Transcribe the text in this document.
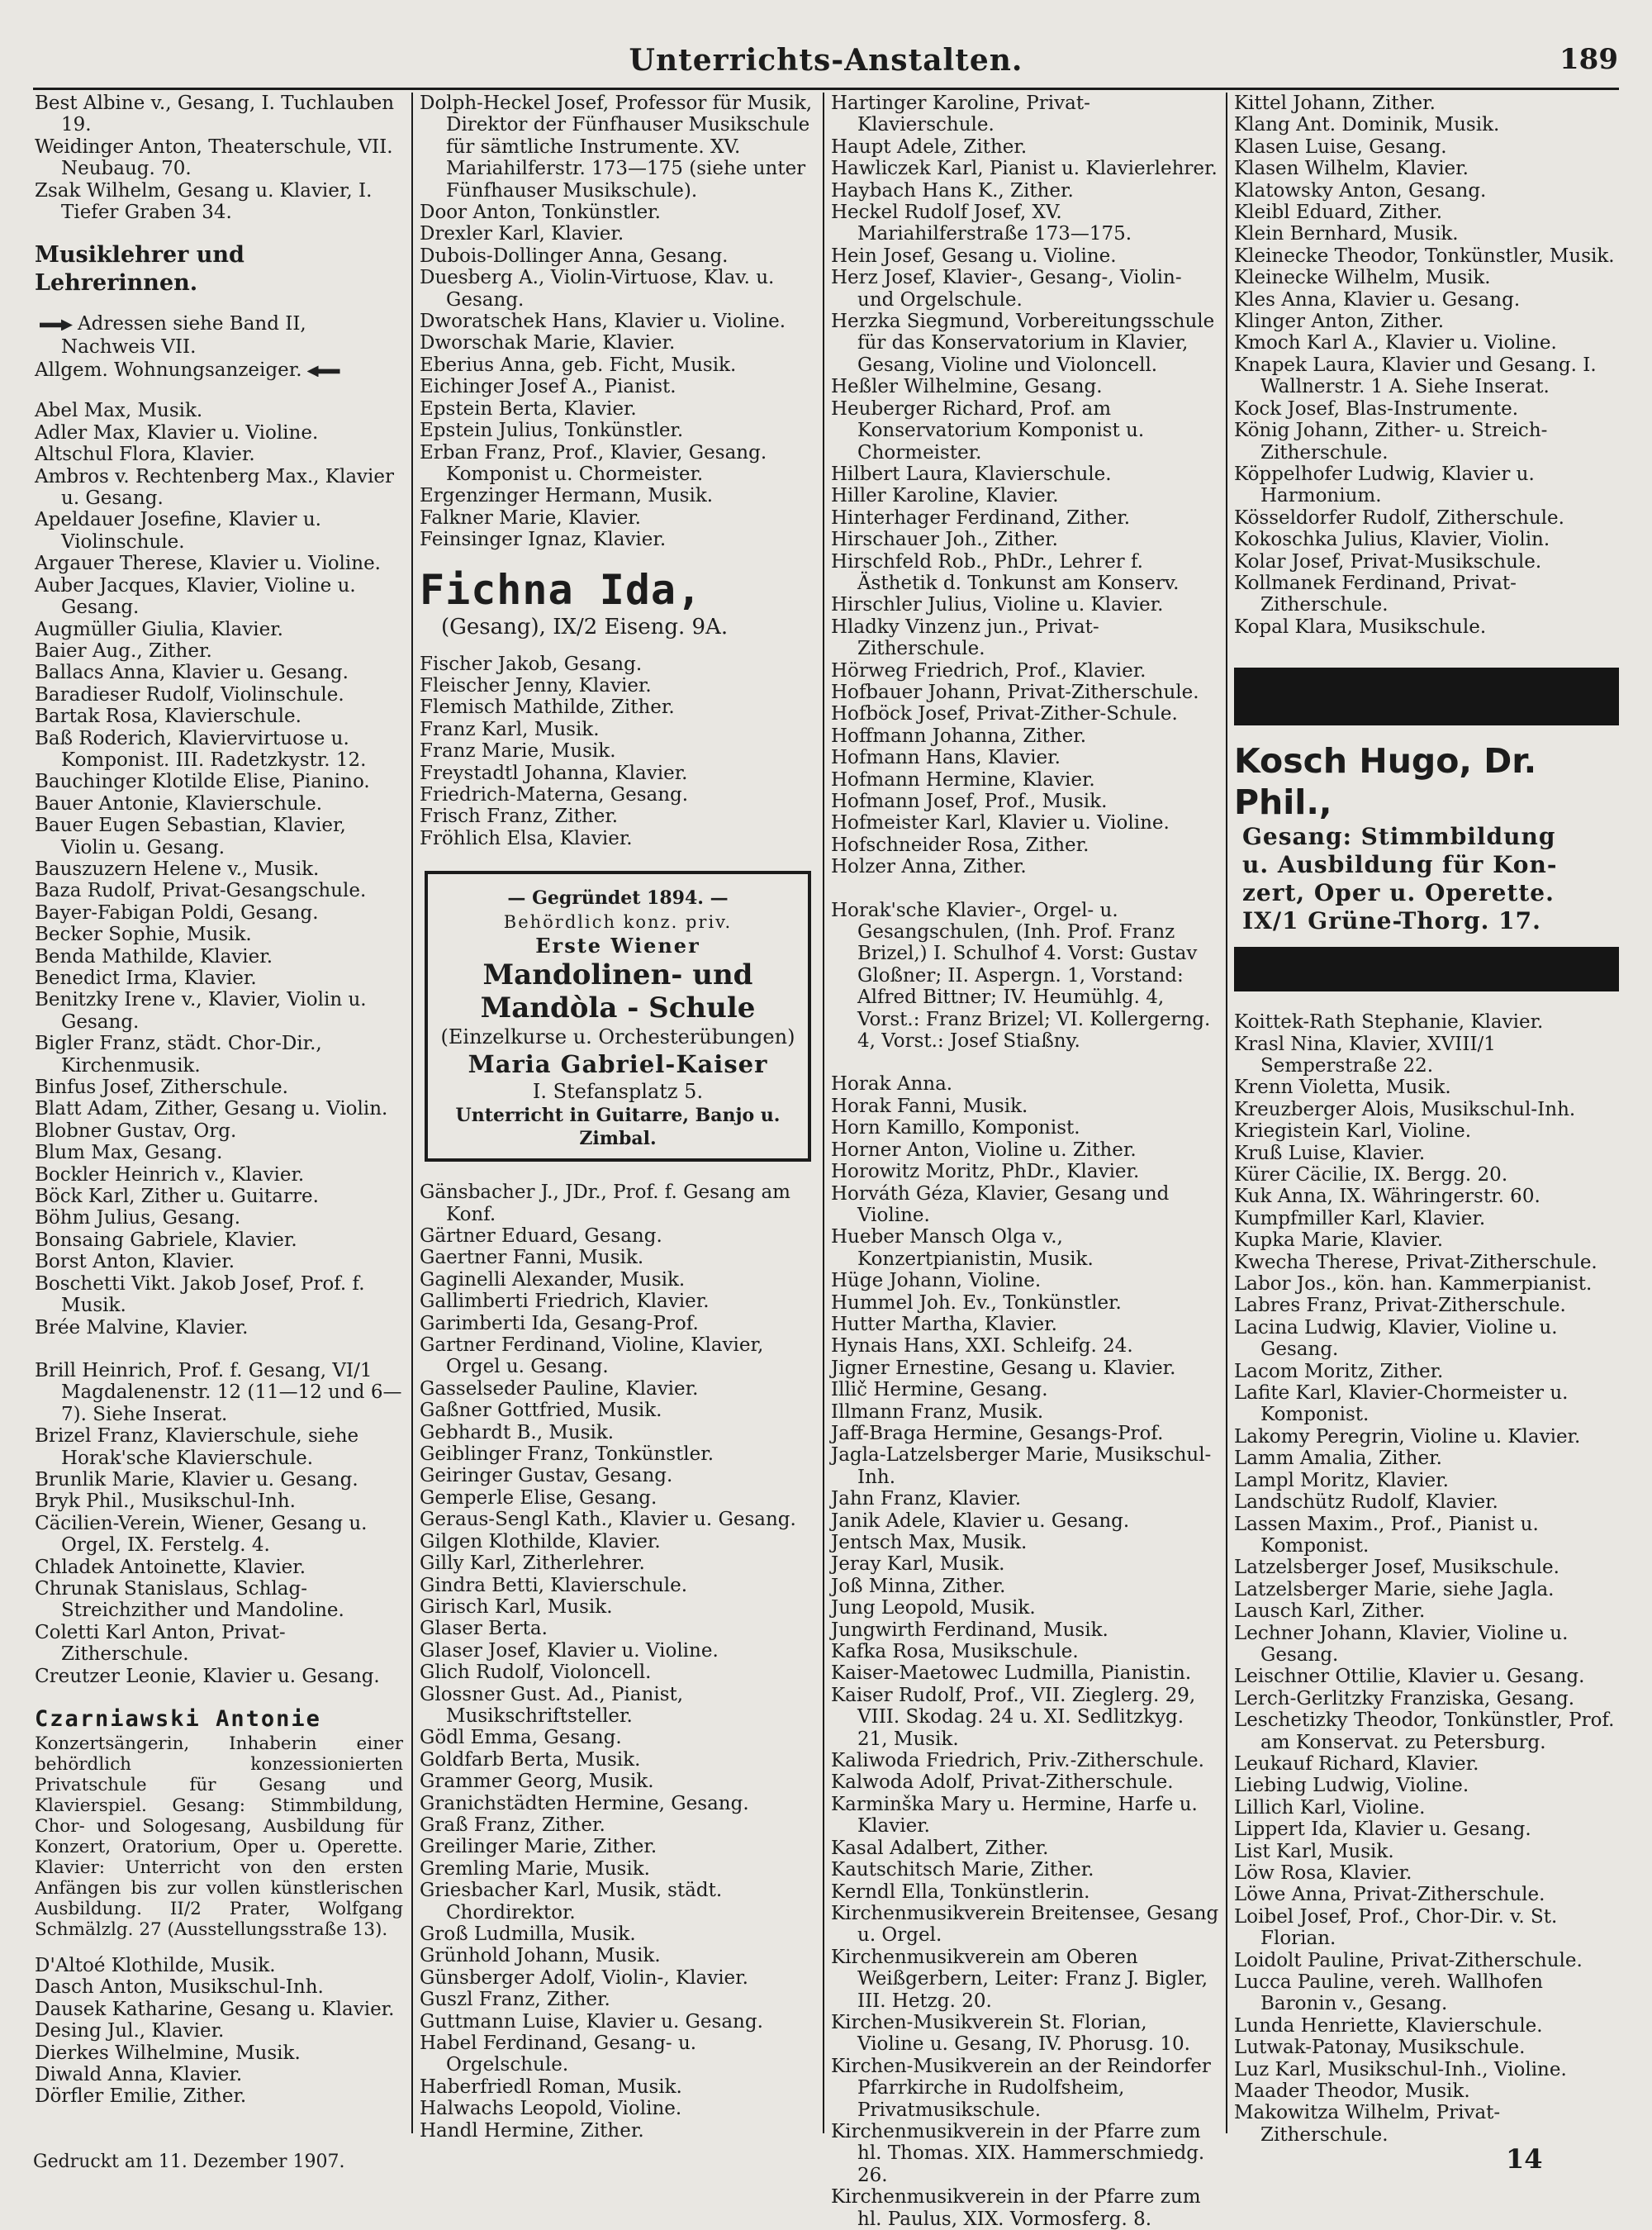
Unterrichts-Anstalten.	189
Best Albine v., Gesang, I. Tuchlauben 19.
Weidinger Anton, Theaterschule, VII. Neubaug. 70.
Zsak Wilhelm, Gesang u. Klavier, I. Tiefer Graben 34.
Musiklehrer und Lehrerinnen.
Adressen siehe Band II, Nachweis VII.
Allgem. Wohnungsanzeiger.
Abel Max, Musik.
Adler Max, Klavier u. Violine.
Altschul Flora, Klavier.
Ambros v. Rechtenberg Max., Klavier u. Gesang.
Apeldauer Josefine, Klavier u. Violinschule.
Argauer Therese, Klavier u. Violine.
Auber Jacques, Klavier, Violine u. Gesang.
Augmüller Giulia, Klavier.
Baier Aug., Zither.
Ballacs Anna, Klavier u. Gesang.
Baradieser Rudolf, Violinschule.
Bartak Rosa, Klavierschule.
Baß Roderich, Klaviervirtuose u. Komponist. III. Radetzkystr. 12.
Bauchinger Klotilde Elise, Pianino.
Bauer Antonie, Klavierschule.
Bauer Eugen Sebastian, Klavier, Violin u. Gesang.
Bauszuzern Helene v., Musik.
Baza Rudolf, Privat-Gesangschule.
Bayer-Fabigan Poldi, Gesang.
Becker Sophie, Musik.
Benda Mathilde, Klavier.
Benedict Irma, Klavier.
Benitzky Irene v., Klavier, Violin u. Gesang.
Bigler Franz, städt. Chor-Dir., Kirchenmusik.
Binfus Josef, Zitherschule.
Blatt Adam, Zither, Gesang u. Violin.
Blobner Gustav, Org.
Blum Max, Gesang.
Bockler Heinrich v., Klavier.
Böck Karl, Zither u. Guitarre.
Böhm Julius, Gesang.
Bonsaing Gabriele, Klavier.
Borst Anton, Klavier.
Boschetti Vikt. Jakob Josef, Prof. f. Musik.
Brée Malvine, Klavier.
Brill Heinrich, Prof. f. Gesang, VI/1 Magdalenenstr. 12 (11—12 und 6—7). Siehe Inserat.
Brizel Franz, Klavierschule, siehe Horak'sche Klavierschule.
Brunlik Marie, Klavier u. Gesang.
Bryk Phil., Musikschul-Inh.
Cäcilien-Verein, Wiener, Gesang u. Orgel, IX. Ferstelg. 4.
Chladek Antoinette, Klavier.
Chrunak Stanislaus, Schlag-Streichzither und Mandoline.
Coletti Karl Anton, Privat-Zitherschule.
Creutzer Leonie, Klavier u. Gesang.
Czarniawski Antonie
Konzertsängerin, Inhaberin einer behördlich konzessionierten Privatschule für Gesang und Klavierspiel. Gesang: Stimmbildung, Chor- und Sologesang, Ausbildung für Konzert, Oratorium, Oper u. Operette. Klavier: Unterricht von den ersten Anfängen bis zur vollen künstlerischen Ausbildung. II/2 Prater, Wolfgang Schmälzlg. 27 (Ausstellungsstraße 13).
D'Altoé Klothilde, Musik.
Dasch Anton, Musikschul-Inh.
Dausek Katharine, Gesang u. Klavier.
Desing Jul., Klavier.
Dierkes Wilhelmine, Musik.
Diwald Anna, Klavier.
Dörfler Emilie, Zither.
Dolph-Heckel Josef, Professor für Musik, Direktor der Fünfhauser Musikschule für sämtliche Instrumente. XV. Mariahilferstr. 173—175 (siehe unter Fünfhauser Musikschule).
Door Anton, Tonkünstler.
Drexler Karl, Klavier.
Dubois-Dollinger Anna, Gesang.
Duesberg A., Violin-Virtuose, Klav. u. Gesang.
Dworatschek Hans, Klavier u. Violine.
Dworschak Marie, Klavier.
Eberius Anna, geb. Ficht, Musik.
Eichinger Josef A., Pianist.
Epstein Berta, Klavier.
Epstein Julius, Tonkünstler.
Erban Franz, Prof., Klavier, Gesang. Komponist u. Chormeister.
Ergenzinger Hermann, Musik.
Falkner Marie, Klavier.
Feinsinger Ignaz, Klavier.
Fichna Ida,
(Gesang), IX/2 Eiseng. 9A.
Fischer Jakob, Gesang.
Fleischer Jenny, Klavier.
Flemisch Mathilde, Zither.
Franz Karl, Musik.
Franz Marie, Musik.
Freystadtl Johanna, Klavier.
Friedrich-Materna, Gesang.
Frisch Franz, Zither.
Fröhlich Elsa, Klavier.
— Gegründet 1894. —
Behördlich konz. priv.
Erste Wiener
Mandolinen- und
Mandòla - Schule
(Einzelkurse u. Orchesterübungen)
Maria Gabriel-Kaiser
I. Stefansplatz 5.
Unterricht in Guitarre, Banjo u. Zimbal.
Gänsbacher J., JDr., Prof. f. Gesang am Konf.
Gärtner Eduard, Gesang.
Gaertner Fanni, Musik.
Gaginelli Alexander, Musik.
Gallimberti Friedrich, Klavier.
Garimberti Ida, Gesang-Prof.
Gartner Ferdinand, Violine, Klavier, Orgel u. Gesang.
Gasselseder Pauline, Klavier.
Gaßner Gottfried, Musik.
Gebhardt B., Musik.
Geiblinger Franz, Tonkünstler.
Geiringer Gustav, Gesang.
Gemperle Elise, Gesang.
Geraus-Sengl Kath., Klavier u. Gesang.
Gilgen Klothilde, Klavier.
Gilly Karl, Zitherlehrer.
Gindra Betti, Klavierschule.
Girisch Karl, Musik.
Glaser Berta.
Glaser Josef, Klavier u. Violine.
Glich Rudolf, Violoncell.
Glossner Gust. Ad., Pianist, Musikschriftsteller.
Gödl Emma, Gesang.
Goldfarb Berta, Musik.
Grammer Georg, Musik.
Granichstädten Hermine, Gesang.
Graß Franz, Zither.
Greilinger Marie, Zither.
Gremling Marie, Musik.
Griesbacher Karl, Musik, städt. Chordirektor.
Groß Ludmilla, Musik.
Grünhold Johann, Musik.
Günsberger Adolf, Violin-, Klavier.
Guszl Franz, Zither.
Guttmann Luise, Klavier u. Gesang.
Habel Ferdinand, Gesang- u. Orgelschule.
Haberfriedl Roman, Musik.
Halwachs Leopold, Violine.
Handl Hermine, Zither.
Hartinger Karoline, Privat-Klavierschule.
Haupt Adele, Zither.
Hawliczek Karl, Pianist u. Klavierlehrer.
Haybach Hans K., Zither.
Heckel Rudolf Josef, XV. Mariahilferstraße 173—175.
Hein Josef, Gesang u. Violine.
Herz Josef, Klavier-, Gesang-, Violin- und Orgelschule.
Herzka Siegmund, Vorbereitungsschule für das Konservatorium in Klavier, Gesang, Violine und Violoncell.
Heßler Wilhelmine, Gesang.
Heuberger Richard, Prof. am Konservatorium Komponist u. Chormeister.
Hilbert Laura, Klavierschule.
Hiller Karoline, Klavier.
Hinterhager Ferdinand, Zither.
Hirschauer Joh., Zither.
Hirschfeld Rob., PhDr., Lehrer f. Ästhetik d. Tonkunst am Konserv.
Hirschler Julius, Violine u. Klavier.
Hladky Vinzenz jun., Privat-Zitherschule.
Hörweg Friedrich, Prof., Klavier.
Hofbauer Johann, Privat-Zitherschule.
Hofböck Josef, Privat-Zither-Schule.
Hoffmann Johanna, Zither.
Hofmann Hans, Klavier.
Hofmann Hermine, Klavier.
Hofmann Josef, Prof., Musik.
Hofmeister Karl, Klavier u. Violine.
Hofschneider Rosa, Zither.
Holzer Anna, Zither.
Horak'sche Klavier-, Orgel- u. Gesangschulen, (Inh. Prof. Franz Brizel,) I. Schulhof 4. Vorst: Gustav Gloßner; II. Aspergn. 1, Vorstand: Alfred Bittner; IV. Heumühlg. 4, Vorst.: Franz Brizel; VI. Kollergerng. 4, Vorst.: Josef Stiaßny.
Horak Anna.
Horak Fanni, Musik.
Horn Kamillo, Komponist.
Horner Anton, Violine u. Zither.
Horowitz Moritz, PhDr., Klavier.
Horváth Géza, Klavier, Gesang und Violine.
Hueber Mansch Olga v., Konzertpianistin, Musik.
Hüge Johann, Violine.
Hummel Joh. Ev., Tonkünstler.
Hutter Martha, Klavier.
Hynais Hans, XXI. Schleifg. 24.
Jigner Ernestine, Gesang u. Klavier.
Illič Hermine, Gesang.
Illmann Franz, Musik.
Jaff-Braga Hermine, Gesangs-Prof.
Jagla-Latzelsberger Marie, Musikschul-Inh.
Jahn Franz, Klavier.
Janik Adele, Klavier u. Gesang.
Jentsch Max, Musik.
Jeray Karl, Musik.
Joß Minna, Zither.
Jung Leopold, Musik.
Jungwirth Ferdinand, Musik.
Kafka Rosa, Musikschule.
Kaiser-Maetowec Ludmilla, Pianistin.
Kaiser Rudolf, Prof., VII. Zieglerg. 29, VIII. Skodag. 24 u. XI. Sedlitzkyg. 21, Musik.
Kaliwoda Friedrich, Priv.-Zitherschule.
Kalwoda Adolf, Privat-Zitherschule.
Karminška Mary u. Hermine, Harfe u. Klavier.
Kasal Adalbert, Zither.
Kautschitsch Marie, Zither.
Kerndl Ella, Tonkünstlerin.
Kirchenmusikverein Breitensee, Gesang u. Orgel.
Kirchenmusikverein am Oberen Weißgerbern, Leiter: Franz J. Bigler, III. Hetzg. 20.
Kirchen-Musikverein St. Florian, Violine u. Gesang, IV. Phorusg. 10.
Kirchen-Musikverein an der Reindorfer Pfarrkirche in Rudolfsheim, Privatmusikschule.
Kirchenmusikverein in der Pfarre zum hl. Thomas. XIX. Hammerschmiedg. 26.
Kirchenmusikverein in der Pfarre zum hl. Paulus, XIX. Vormosferg. 8.
Kittel Johann, Zither.
Klang Ant. Dominik, Musik.
Klasen Luise, Gesang.
Klasen Wilhelm, Klavier.
Klatowsky Anton, Gesang.
Kleibl Eduard, Zither.
Klein Bernhard, Musik.
Kleinecke Theodor, Tonkünstler, Musik.
Kleinecke Wilhelm, Musik.
Kles Anna, Klavier u. Gesang.
Klinger Anton, Zither.
Kmoch Karl A., Klavier u. Violine.
Knapek Laura, Klavier und Gesang. I. Wallnerstr. 1 A. Siehe Inserat.
Kock Josef, Blas-Instrumente.
König Johann, Zither- u. Streich-Zitherschule.
Köppelhofer Ludwig, Klavier u. Harmonium.
Kösseldorfer Rudolf, Zitherschule.
Kokoschka Julius, Klavier, Violin.
Kolar Josef, Privat-Musikschule.
Kollmanek Ferdinand, Privat-Zitherschule.
Kopal Klara, Musikschule.
Kosch Hugo, Dr. Phil.,
Gesang: Stimmbildung
u. Ausbildung für Kon-
zert, Oper u. Operette.
IX/1 Grüne-Thorg. 17.
Koittek-Rath Stephanie, Klavier.
Krasl Nina, Klavier, XVIII/1 Semperstraße 22.
Krenn Violetta, Musik.
Kreuzberger Alois, Musikschul-Inh.
Kriegistein Karl, Violine.
Kruß Luise, Klavier.
Kürer Cäcilie, IX. Bergg. 20.
Kuk Anna, IX. Währingerstr. 60.
Kumpfmiller Karl, Klavier.
Kupka Marie, Klavier.
Kwecha Therese, Privat-Zitherschule.
Labor Jos., kön. han. Kammerpianist.
Labres Franz, Privat-Zitherschule.
Lacina Ludwig, Klavier, Violine u. Gesang.
Lacom Moritz, Zither.
Lafite Karl, Klavier-Chormeister u. Komponist.
Lakomy Peregrin, Violine u. Klavier.
Lamm Amalia, Zither.
Lampl Moritz, Klavier.
Landschütz Rudolf, Klavier.
Lassen Maxim., Prof., Pianist u. Komponist.
Latzelsberger Josef, Musikschule.
Latzelsberger Marie, siehe Jagla.
Lausch Karl, Zither.
Lechner Johann, Klavier, Violine u. Gesang.
Leischner Ottilie, Klavier u. Gesang.
Lerch-Gerlitzky Franziska, Gesang.
Leschetizky Theodor, Tonkünstler, Prof. am Konservat. zu Petersburg.
Leukauf Richard, Klavier.
Liebing Ludwig, Violine.
Lillich Karl, Violine.
Lippert Ida, Klavier u. Gesang.
List Karl, Musik.
Löw Rosa, Klavier.
Löwe Anna, Privat-Zitherschule.
Loibel Josef, Prof., Chor-Dir. v. St. Florian.
Loidolt Pauline, Privat-Zitherschule.
Lucca Pauline, vereh. Wallhofen Baronin v., Gesang.
Lunda Henriette, Klavierschule.
Lutwak-Patonay, Musikschule.
Luz Karl, Musikschul-Inh., Violine.
Maader Theodor, Musik.
Makowitza Wilhelm, Privat-Zitherschule.
Gedruckt am 11. Dezember 1907.	14
